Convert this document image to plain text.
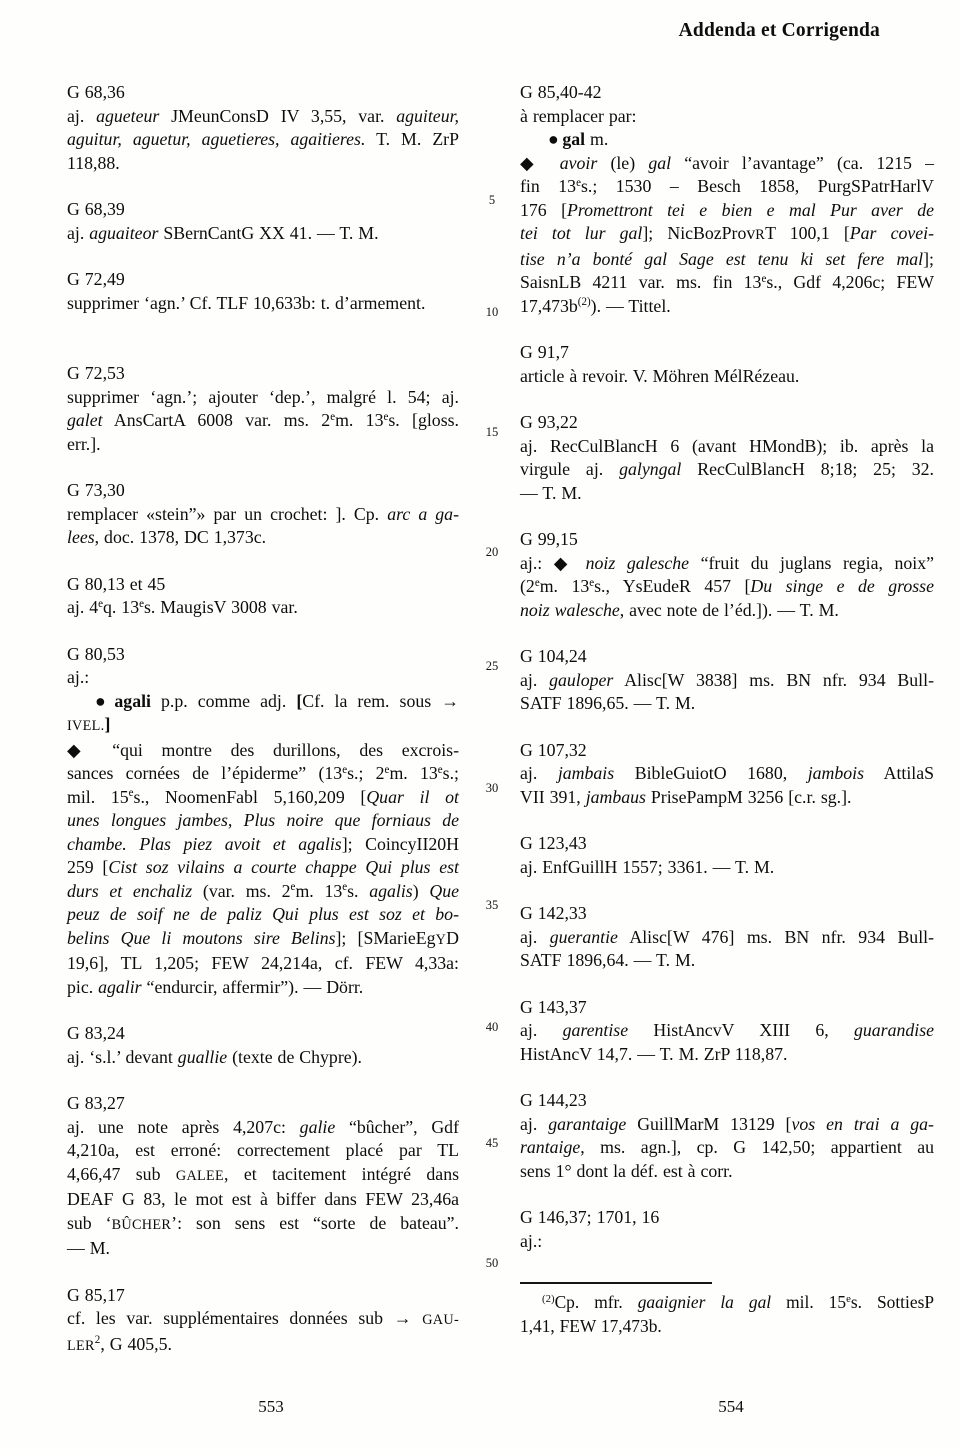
Addenda et Corrigenda
G 68,36
aj. agueteur JMeunConsD IV 3,55, var. aguiteur,
aguitur, aguetur, aguetieres, agaitieres. T. M. ZrP
118,88.
G 68,39
aj. aguaiteor SBernCantG XX 41. — T. M.
G 72,49
supprimer ‘agn.’ Cf. TLF 10,633b: t. d’armement.
G 72,53
supprimer ‘agn.’; ajouter ‘dep.’, malgré l. 54; aj.
galet AnsCartA 6008 var. ms. 2em. 13es. [gloss.
err.].
G 73,30
remplacer «stein”» par un crochet: ]. Cp. arc a ga-
lees, doc. 1378, DC 1,373c.
G 80,13 et 45
aj. 4eq. 13es. MaugisV 3008 var.
G 80,53
aj.:
● agali p.p. comme adj. [Cf. la rem. sous →
IVEL.]
◆ “qui montre des durillons, des excrois-
sances cornées de l’épiderme” (13es.; 2em. 13es.;
mil. 15es., NoomenFabl 5,160,209 [Quar il ot
unes longues jambes, Plus noire que forniaus de
chambe. Plas piez avoit et agalis]; CoincyII20H
259 [Cist soz vilains a courte chappe Qui plus est
durs et enchaliz (var. ms. 2em. 13es. agalis) Que
peuz de soif ne de paliz Qui plus est soz et bo-
belins Que li moutons sire Belins]; [SMarieEgYD
19,6], TL 1,205; FEW 24,214a, cf. FEW 4,33a:
pic. agalir “endurcir, affermir”). — Dörr.
G 83,24
aj. ‘s.l.’ devant guallie (texte de Chypre).
G 83,27
aj. une note après 4,207c: galie “bûcher”, Gdf
4,210a, est erroné: correctement placé par TL
4,66,47 sub GALEE, et tacitement intégré dans
DEAF G 83, le mot est à biffer dans FEW 23,46a
sub ‘BÛCHER’: son sens est “sorte de bateau”.
— M.
G 85,17
cf. les var. supplémentaires données sub → GAU-
LER$^2$, G 405,5.
G 85,40-42
à remplacer par:
● gal m.
◆ avoir (le) gal “avoir l’avantage” (ca. 1215 –
fin 13es.; 1530 – Besch 1858, PurgSPatrHarlV
176 [Promettront tei e bien e mal Pur aver de
tei tot lur gal]; NicBozProvRT 100,1 [Par covei-
tise n’a bonté gal Sage est tenu ki set fere mal];
SaisnLB 4211 var. ms. fin 13es., Gdf 4,206c; FEW
$17,473b^{(2)}$). — Tittel.
G 91,7
article à revoir. V. Möhren MélRézeau.
G 93,22
aj. RecCulBlancH 6 (avant HMondB); ib. après la
virgule aj. galyngal RecCulBlancH 8;18; 25; 32.
— T. M.
G 99,15
aj.: ◆ noiz galesche “fruit du juglans regia, noix”
(2em. 13es., YsEudeR 457 [Du singe e de grosse
noiz walesche, avec note de l’éd.]). — T. M.
G 104,24
aj. gauloper Alisc[W 3838] ms. BN nfr. 934 Bull-
SATF 1896,65. — T. M.
G 107,32
aj. jambais BibleGuiotO 1680, jambois AttilaS
VII 391, jambaus PrisePampM 3256 [c.r. sg.].
G 123,43
aj. EnfGuillH 1557; 3361. — T. M.
G 142,33
aj. guerantie Alisc[W 476] ms. BN nfr. 934 Bull-
SATF 1896,64. — T. M.
G 143,37
aj. garentise HistAncvV XIII 6, guarandise
HistAncV 14,7. — T. M. ZrP 118,87.
G 144,23
aj. garantaige GuillMarM 13129 [vos en trai a ga-
rantaige, ms. agn.], cp. G 142,50; appartient au
sens 1° dont la déf. est à corr.
G 146,37; 1701, 16
aj.:
$^{(2)}$Cp. mfr. gaaignier la gal mil. 15es. SottiesP
1,41, FEW 17,473b.
5
10
15
20
25
30
35
40
45
50
553	554
